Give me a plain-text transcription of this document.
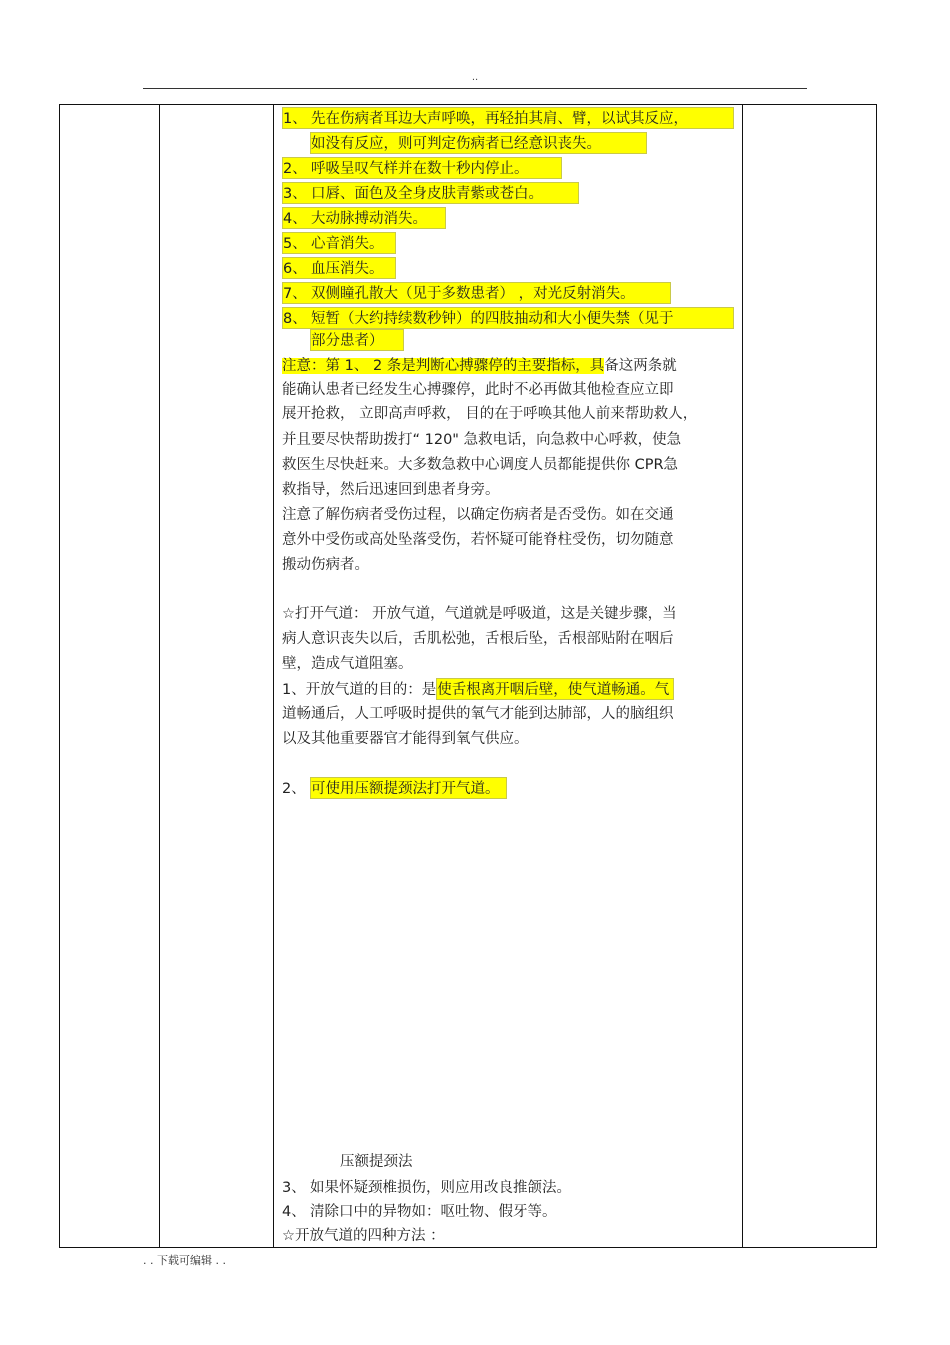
..
1、 先在伤病者耳边大声呼唤，再轻拍其肩、臂，以试其反应，
如没有反应，则可判定伤病者已经意识丧失。
2、 呼吸呈叹气样并在数十秒内停止。
3、 口唇、面色及全身皮肤青紫或苍白。
4、 大动脉搏动消失。
5、 心音消失。
6、 血压消失。
7、 双侧瞳孔散大（见于多数患者） ，对光反射消失。
8、 短暂（大约持续数秒钟）的四肢抽动和大小便失禁（见于
部分患者）
注意：第 1、 2 条是判断心搏骤停的主要指标，具备这两条就
能确认患者已经发生心搏骤停，此时不必再做其他检查应立即
展开抢救， 立即高声呼救， 目的在于呼唤其他人前来帮助救人，
并且要尽快帮助拨打“ 120" 急救电话，向急救中心呼救，使急
救医生尽快赶来。大多数急救中心调度人员都能提供你 CPR急
救指导，然后迅速回到患者身旁。
注意了解伤病者受伤过程，以确定伤病者是否受伤。如在交通
意外中受伤或高处坠落受伤，若怀疑可能脊柱受伤，切勿随意
搬动伤病者。
☆打开气道： 开放气道，气道就是呼吸道，这是关键步骤，当
病人意识丧失以后，舌肌松弛，舌根后坠，舌根部贴附在咽后
壁，造成气道阻塞。
1、开放气道的目的：是使舌根离开咽后壁，使气道畅通。气
道畅通后，人工呼吸时提供的氧气才能到达肺部，人的脑组织
以及其他重要器官才能得到氧气供应。
2、 可使用压额提颈法打开气道。
压额提颈法
3、 如果怀疑颈椎损伤，则应用改良推颌法。
4、 清除口中的异物如：呕吐物、假牙等。
☆开放气道的四种方法 ：
. . 下载可编辑 . .
